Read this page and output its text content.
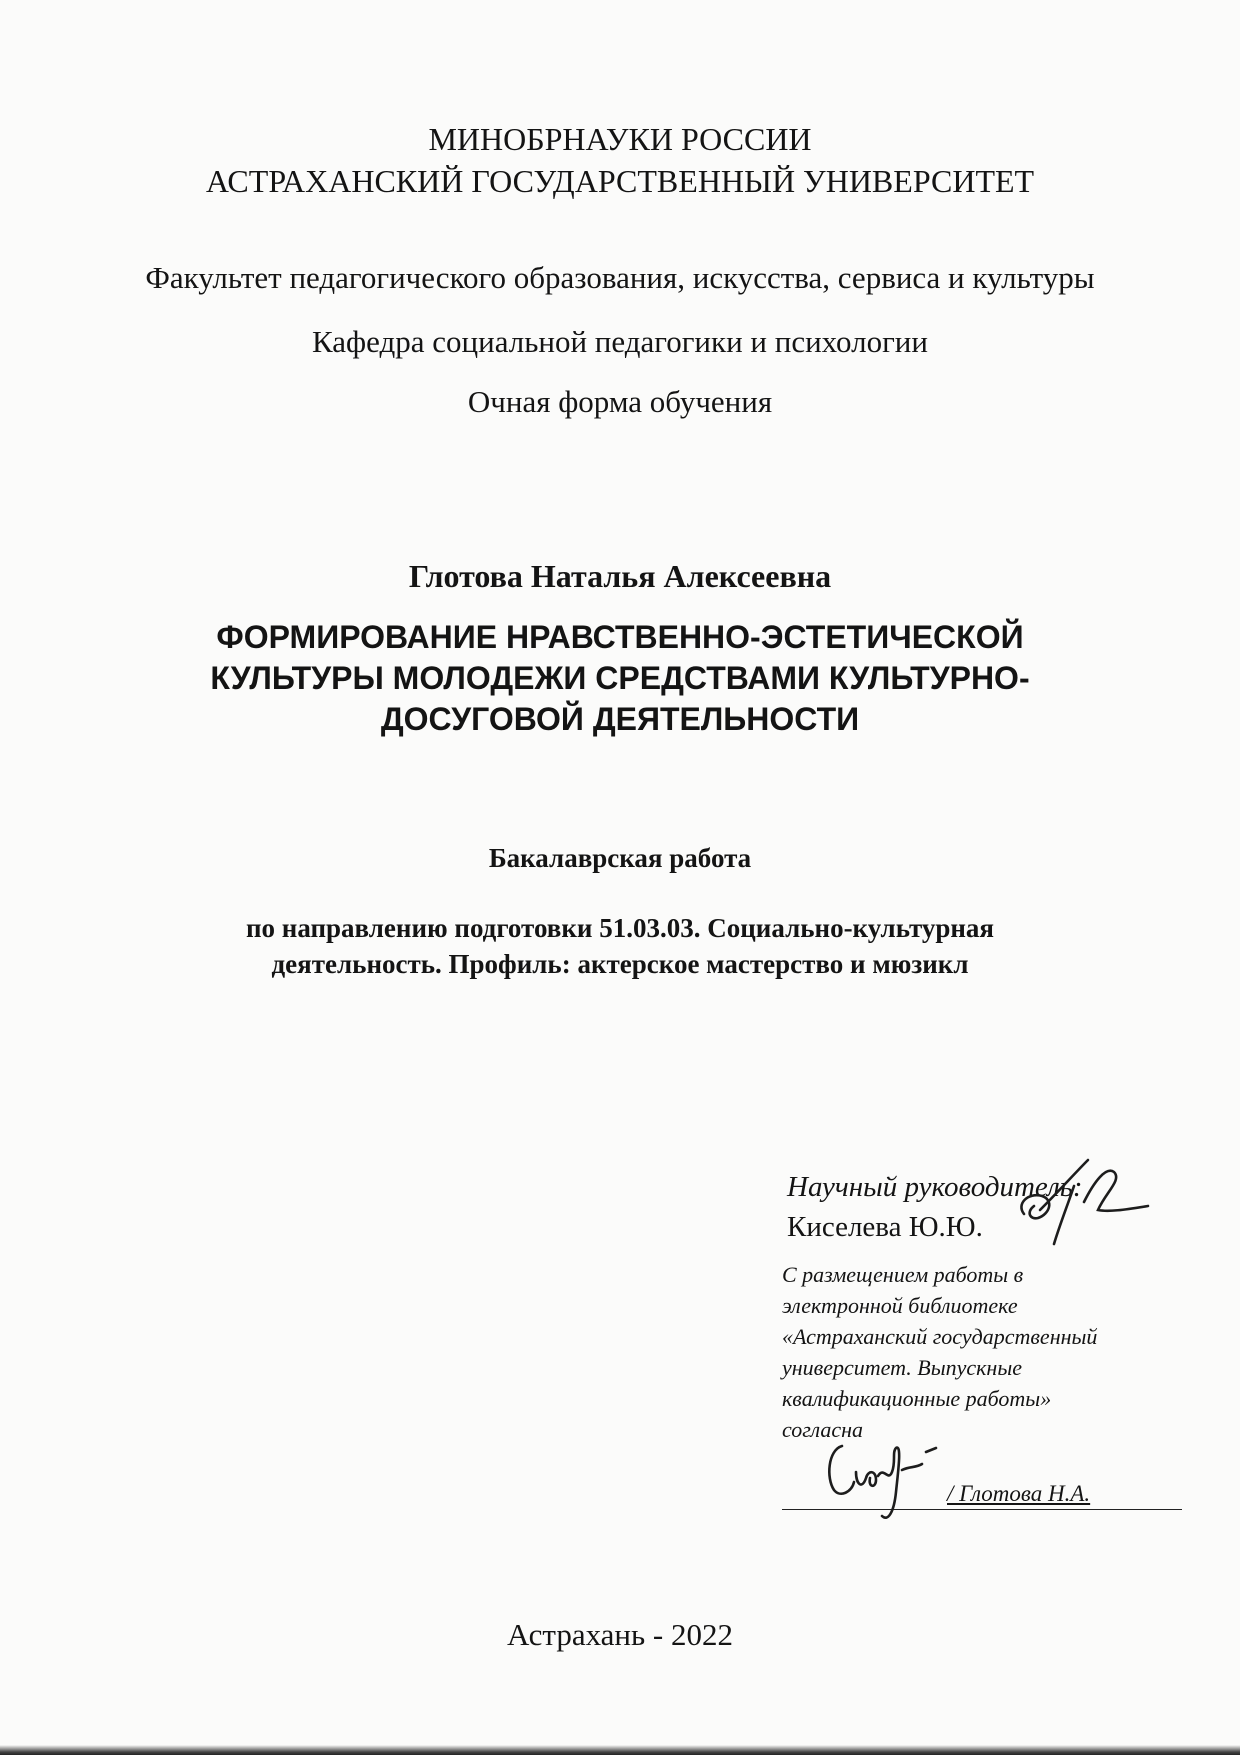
МИНОБРНАУКИ РОССИИ
АСТРАХАНСКИЙ ГОСУДАРСТВЕННЫЙ УНИВЕРСИТЕТ
Факультет педагогического образования, искусства, сервиса и культуры
Кафедра социальной педагогики и психологии
Очная форма обучения
Глотова Наталья Алексеевна
ФОРМИРОВАНИЕ НРАВСТВЕННО-ЭСТЕТИЧЕСКОЙ
КУЛЬТУРЫ МОЛОДЕЖИ СРЕДСТВАМИ КУЛЬТУРНО-
ДОСУГОВОЙ ДЕЯТЕЛЬНОСТИ
Бакалаврская работа
по направлению подготовки 51.03.03. Социально-культурная
деятельность. Профиль: актерское мастерство и мюзикл
Научный руководитель:
Киселева Ю.Ю.
С размещением работы в
электронной библиотеке
«Астраханский государственный
университет. Выпускные
квалификационные работы»
согласна
/ Глотова Н.А.
Астрахань - 2022
